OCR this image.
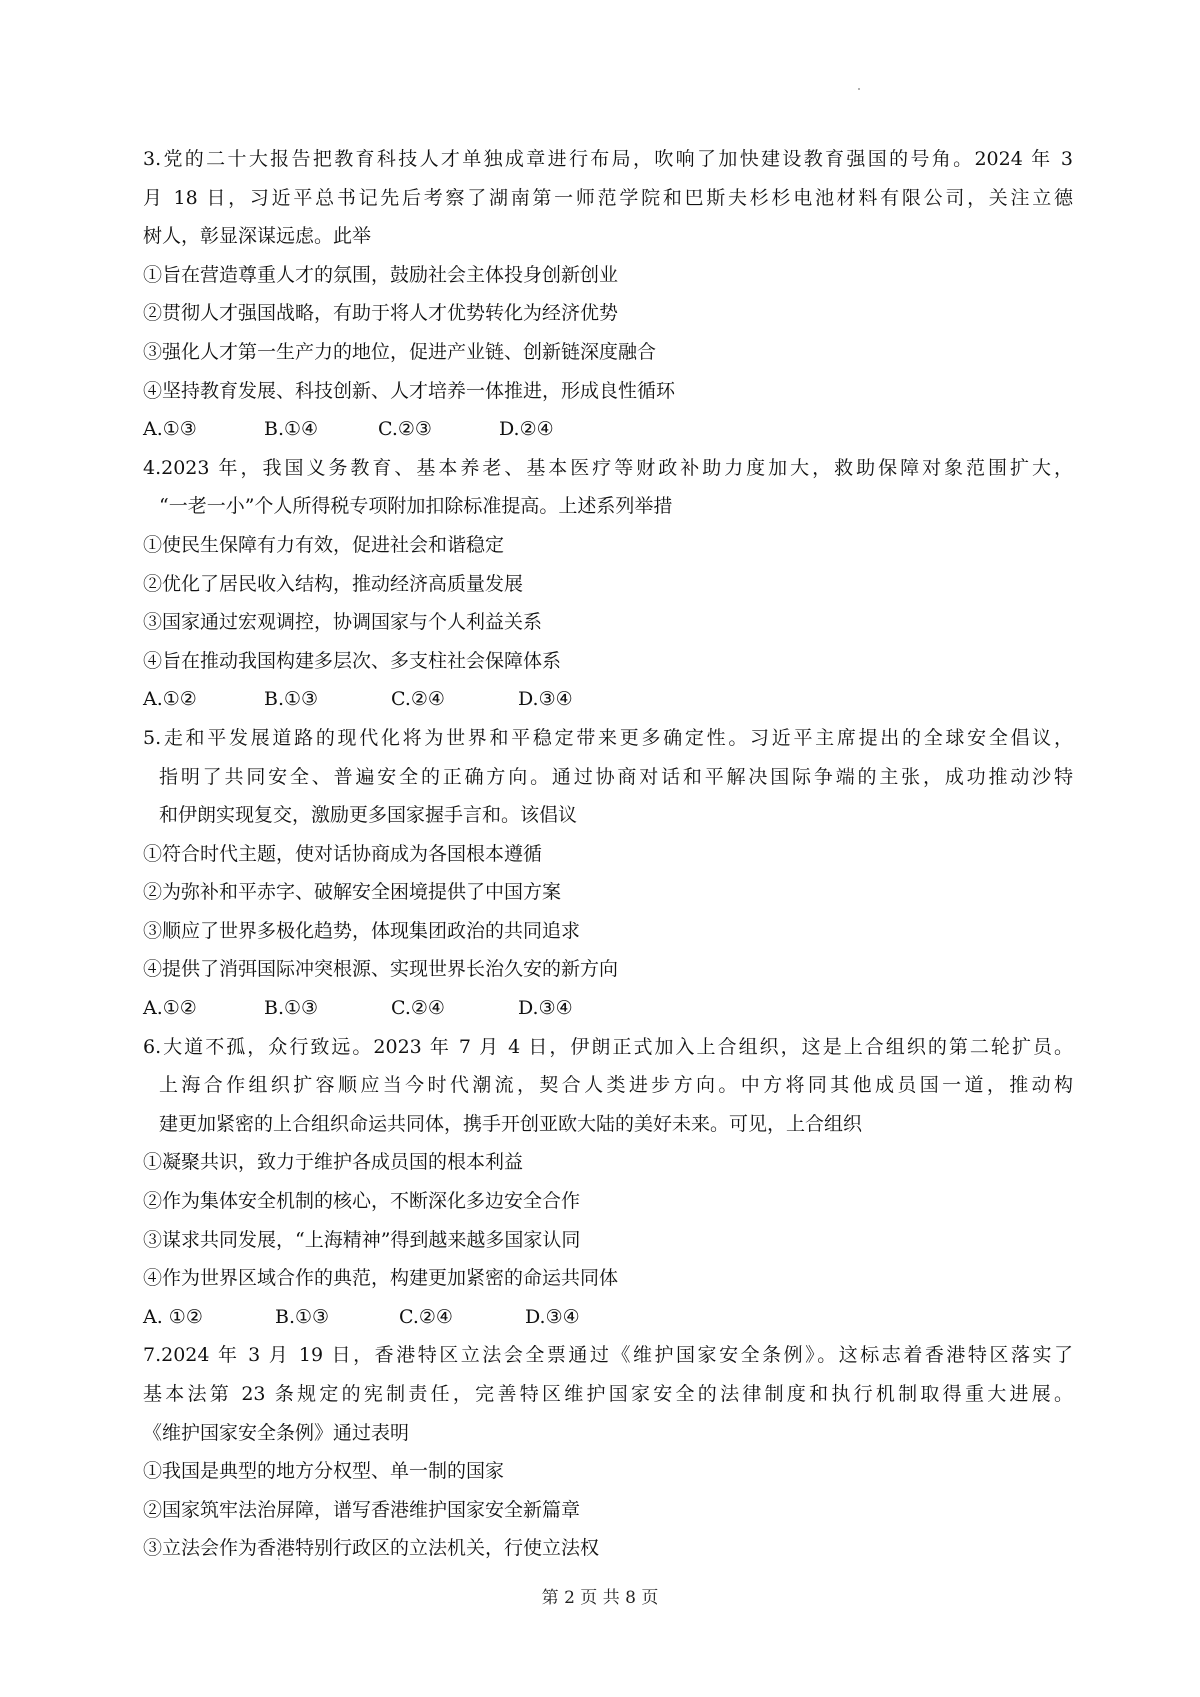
3.党的二十大报告把教育科技人才单独成章进行布局，吹响了加快建设教育强国的号角。2024 年 3

月 18 日，习近平总书记先后考察了湖南第一师范学院和巴斯夫杉杉电池材料有限公司，关注立德

树人，彰显深谋远虑。此举

①旨在营造尊重人才的氛围，鼓励社会主体投身创新创业

②贯彻人才强国战略，有助于将人才优势转化为经济优势

③强化人才第一生产力的地位，促进产业链、创新链深度融合

④坚持教育发展、科技创新、人才培养一体推进，形成良性循环

A.①③	B.①④	C.②③	D.②④

4.2023 年，我国义务教育、基本养老、基本医疗等财政补助力度加大，救助保障对象范围扩大，

“一老一小”个人所得税专项附加扣除标准提高。上述系列举措

①使民生保障有力有效，促进社会和谐稳定

②优化了居民收入结构，推动经济高质量发展

③国家通过宏观调控，协调国家与个人利益关系

④旨在推动我国构建多层次、多支柱社会保障体系

A.①②	B.①③	C.②④	D.③④

5.走和平发展道路的现代化将为世界和平稳定带来更多确定性。习近平主席提出的全球安全倡议，

指明了共同安全、普遍安全的正确方向。通过协商对话和平解决国际争端的主张，成功推动沙特

和伊朗实现复交，激励更多国家握手言和。该倡议

①符合时代主题，使对话协商成为各国根本遵循

②为弥补和平赤字、破解安全困境提供了中国方案

③顺应了世界多极化趋势，体现集团政治的共同追求

④提供了消弭国际冲突根源、实现世界长治久安的新方向

A.①②	B.①③	C.②④	D.③④

6.大道不孤，众行致远。2023 年 7 月 4 日，伊朗正式加入上合组织，这是上合组织的第二轮扩员。

上海合作组织扩容顺应当今时代潮流，契合人类进步方向。中方将同其他成员国一道，推动构

建更加紧密的上合组织命运共同体，携手开创亚欧大陆的美好未来。可见，上合组织

①凝聚共识，致力于维护各成员国的根本利益

②作为集体安全机制的核心，不断深化多边安全合作

③谋求共同发展，“上海精神”得到越来越多国家认同

④作为世界区域合作的典范，构建更加紧密的命运共同体

A. ①②	B.①③	C.②④	D.③④

7.2024 年 3 月 19 日，香港特区立法会全票通过《维护国家安全条例》。这标志着香港特区落实了

基本法第 23 条规定的宪制责任，完善特区维护国家安全的法律制度和执行机制取得重大进展。

《维护国家安全条例》通过表明

①我国是典型的地方分权型、单一制的国家

②国家筑牢法治屏障，谱写香港维护国家安全新篇章

③立法会作为香港特别行政区的立法机关，行使立法权

第 2 页 共 8 页
